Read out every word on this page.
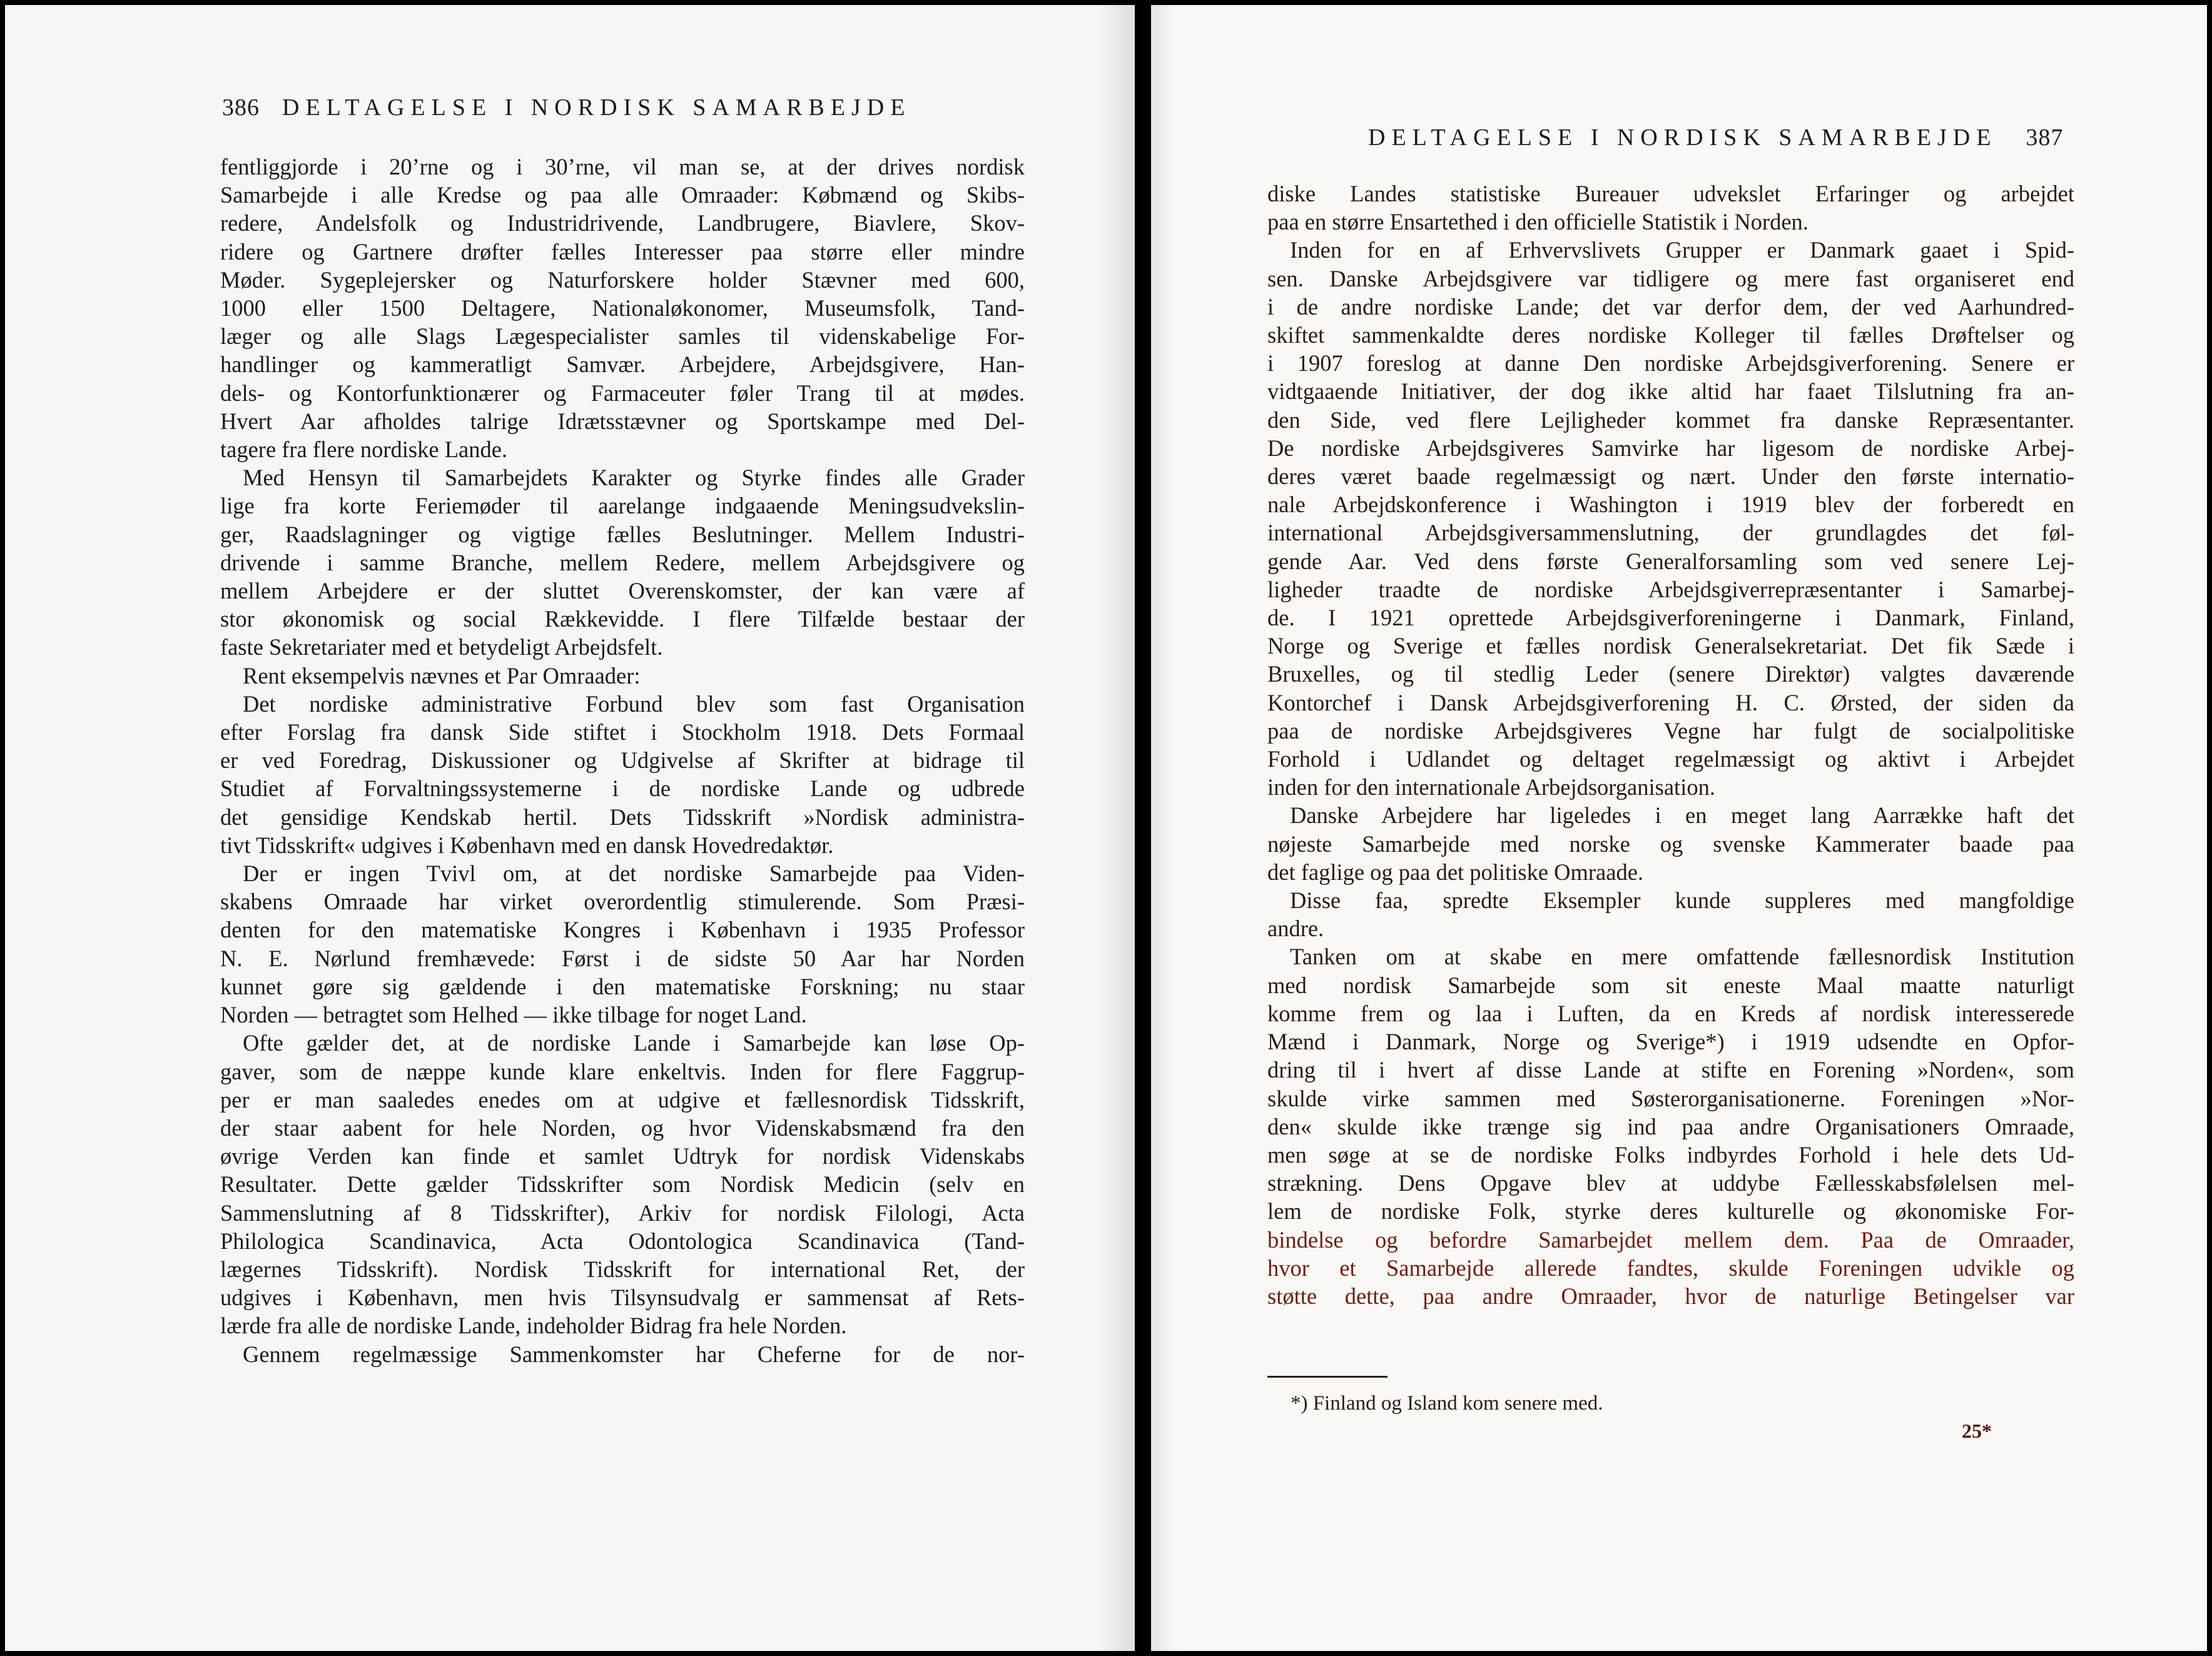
386 DELTAGELSE I NORDISK SAMARBEJDE
fentliggjorde i 20’rne og i 30’rne, vil man se, at der drives nordisk
Samarbejde i alle Kredse og paa alle Omraader: Købmænd og Skibs-
redere, Andelsfolk og Industridrivende, Landbrugere, Biavlere, Skov-
ridere og Gartnere drøfter fælles Interesser paa større eller mindre
Møder. Sygeplejersker og Naturforskere holder Stævner med 600,
1000 eller 1500 Deltagere, Nationaløkonomer, Museumsfolk, Tand-
læger og alle Slags Lægespecialister samles til videnskabelige For-
handlinger og kammeratligt Samvær. Arbejdere, Arbejdsgivere, Han-
dels- og Kontorfunktionærer og Farmaceuter føler Trang til at mødes.
Hvert Aar afholdes talrige Idrætsstævner og Sportskampe med Del-
tagere fra flere nordiske Lande.
Med Hensyn til Samarbejdets Karakter og Styrke findes alle Grader
lige fra korte Feriemøder til aarelange indgaaende Meningsudvekslin-
ger, Raadslagninger og vigtige fælles Beslutninger. Mellem Industri-
drivende i samme Branche, mellem Redere, mellem Arbejdsgivere og
mellem Arbejdere er der sluttet Overenskomster, der kan være af
stor økonomisk og social Rækkevidde. I flere Tilfælde bestaar der
faste Sekretariater med et betydeligt Arbejdsfelt.
Rent eksempelvis nævnes et Par Omraader:
Det nordiske administrative Forbund blev som fast Organisation
efter Forslag fra dansk Side stiftet i Stockholm 1918. Dets Formaal
er ved Foredrag, Diskussioner og Udgivelse af Skrifter at bidrage til
Studiet af Forvaltningssystemerne i de nordiske Lande og udbrede
det gensidige Kendskab hertil. Dets Tidsskrift »Nordisk administra-
tivt Tidsskrift« udgives i København med en dansk Hovedredaktør.
Der er ingen Tvivl om, at det nordiske Samarbejde paa Viden-
skabens Omraade har virket overordentlig stimulerende. Som Præsi-
denten for den matematiske Kongres i København i 1935 Professor
N. E. Nørlund fremhævede: Først i de sidste 50 Aar har Norden
kunnet gøre sig gældende i den matematiske Forskning; nu staar
Norden — betragtet som Helhed — ikke tilbage for noget Land.
Ofte gælder det, at de nordiske Lande i Samarbejde kan løse Op-
gaver, som de næppe kunde klare enkeltvis. Inden for flere Faggrup-
per er man saaledes enedes om at udgive et fællesnordisk Tidsskrift,
der staar aabent for hele Norden, og hvor Videnskabsmænd fra den
øvrige Verden kan finde et samlet Udtryk for nordisk Videnskabs
Resultater. Dette gælder Tidsskrifter som Nordisk Medicin (selv en
Sammenslutning af 8 Tidsskrifter), Arkiv for nordisk Filologi, Acta
Philologica Scandinavica, Acta Odontologica Scandinavica (Tand-
lægernes Tidsskrift). Nordisk Tidsskrift for international Ret, der
udgives i København, men hvis Tilsynsudvalg er sammensat af Rets-
lærde fra alle de nordiske Lande, indeholder Bidrag fra hele Norden.
Gennem regelmæssige Sammenkomster har Cheferne for de nor-
DELTAGELSE I NORDISK SAMARBEJDE 387
diske Landes statistiske Bureauer udvekslet Erfaringer og arbejdet
paa en større Ensartethed i den officielle Statistik i Norden.
Inden for en af Erhvervslivets Grupper er Danmark gaaet i Spid-
sen. Danske Arbejdsgivere var tidligere og mere fast organiseret end
i de andre nordiske Lande; det var derfor dem, der ved Aarhundred-
skiftet sammenkaldte deres nordiske Kolleger til fælles Drøftelser og
i 1907 foreslog at danne Den nordiske Arbejdsgiverforening. Senere er
vidtgaaende Initiativer, der dog ikke altid har faaet Tilslutning fra an-
den Side, ved flere Lejligheder kommet fra danske Repræsentanter.
De nordiske Arbejdsgiveres Samvirke har ligesom de nordiske Arbej-
deres været baade regelmæssigt og nært. Under den første internatio-
nale Arbejdskonference i Washington i 1919 blev der forberedt en
international Arbejdsgiversammenslutning, der grundlagdes det føl-
gende Aar. Ved dens første Generalforsamling som ved senere Lej-
ligheder traadte de nordiske Arbejdsgiverrepræsentanter i Samarbej-
de. I 1921 oprettede Arbejdsgiverforeningerne i Danmark, Finland,
Norge og Sverige et fælles nordisk Generalsekretariat. Det fik Sæde i
Bruxelles, og til stedlig Leder (senere Direktør) valgtes daværende
Kontorchef i Dansk Arbejdsgiverforening H. C. Ørsted, der siden da
paa de nordiske Arbejdsgiveres Vegne har fulgt de socialpolitiske
Forhold i Udlandet og deltaget regelmæssigt og aktivt i Arbejdet
inden for den internationale Arbejdsorganisation.
Danske Arbejdere har ligeledes i en meget lang Aarrække haft det
nøjeste Samarbejde med norske og svenske Kammerater baade paa
det faglige og paa det politiske Omraade.
Disse faa, spredte Eksempler kunde suppleres med mangfoldige
andre.
Tanken om at skabe en mere omfattende fællesnordisk Institution
med nordisk Samarbejde som sit eneste Maal maatte naturligt
komme frem og laa i Luften, da en Kreds af nordisk interesserede
Mænd i Danmark, Norge og Sverige*) i 1919 udsendte en Opfor-
dring til i hvert af disse Lande at stifte en Forening »Norden«, som
skulde virke sammen med Søsterorganisationerne. Foreningen »Nor-
den« skulde ikke trænge sig ind paa andre Organisationers Omraade,
men søge at se de nordiske Folks indbyrdes Forhold i hele dets Ud-
strækning. Dens Opgave blev at uddybe Fællesskabsfølelsen mel-
lem de nordiske Folk, styrke deres kulturelle og økonomiske For-
bindelse og befordre Samarbejdet mellem dem. Paa de Omraader,
hvor et Samarbejde allerede fandtes, skulde Foreningen udvikle og
støtte dette, paa andre Omraader, hvor de naturlige Betingelser var
*) Finland og Island kom senere med.
25*
